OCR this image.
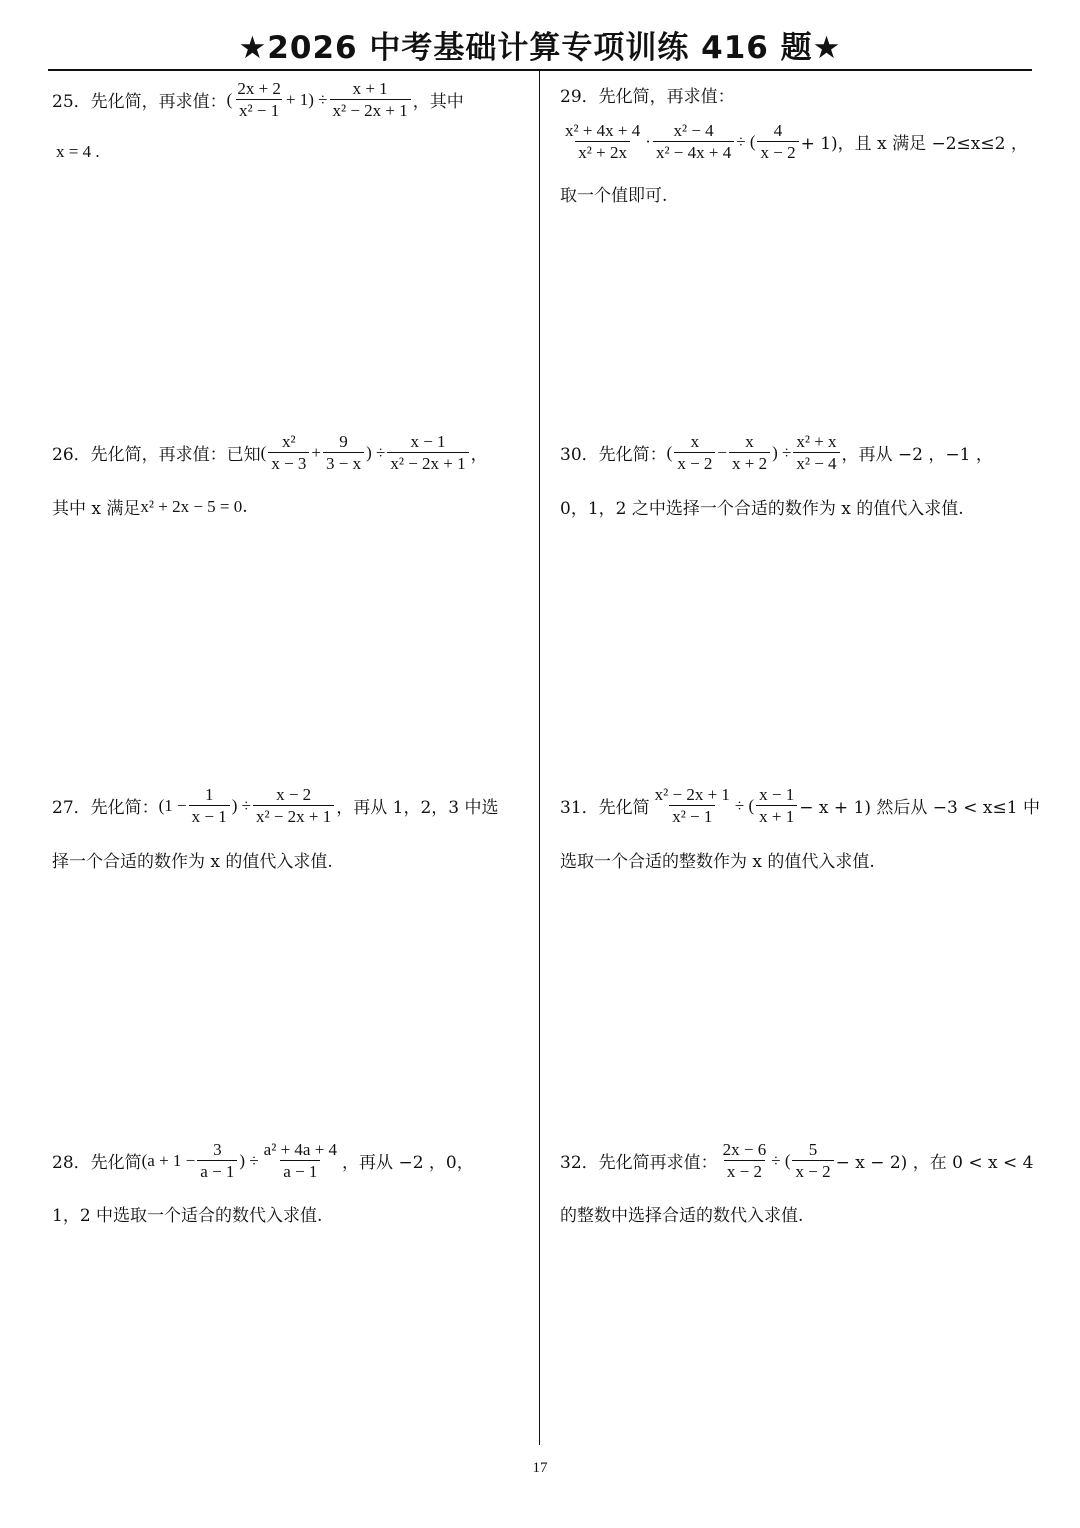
★2026 中考基础计算专项训练 416 题★
25．先化简，再求值： ( $\frac{2x + 2}{\text{x² − 1}} + 1) \div \frac{x + 1}{\text{x² − 2x + 1}}$ ，其中
x = 4 .
26．先化简，再求值：已知 ( $\frac{\text{x²}}{x - 3} + \frac{9}{3 - x}$ ) ÷ $\frac{x - 1}{\text{x² − 2x + 1}}$ ，
其中 x 满足 x² + 2x − 5 = 0 .
27．先化简： ($1 - \frac{1}{x - 1}$ ) ÷ $\frac{x - 2}{\text{x² − 2x + 1}}$ ，再从 1，2，3 中选
择一个合适的数作为 x 的值代入求值.
28．先化简 ($a + 1 - \frac{3}{a - 1}$ ) ÷ $\frac{\text{a² + 4a + 4}}{a - 1}$ ，再从 −2 ，0，
1，2 中选取一个适合的数代入求值.
29．先化简，再求值：
$\frac{\text{x² + 4x + 4}}{\text{x² + 2x}} \cdot \frac{\text{x² − 4}}{\text{x² − 4x + 4}}$ ÷ ( $\frac{4}{x - 2} + 1$)，且 x 满足 −2≤x≤2 ，
取一个值即可.
30．先化简： ( $\frac{x}{x - 2} - \frac{x}{x + 2}$ ) ÷ $\frac{\text{x² + x}}{\text{x² − 4}}$ ，再从 −2 ，−1 ，
0，1，2 之中选择一个合适的数作为 x 的值代入求值.
31．先化简 $\frac{\text{x² − 2x + 1}}{\text{x² − 1}}$ ÷ ( $\frac{x - 1}{x + 1} - x + 1$) 然后从 −3 < x≤1 中
选取一个合适的整数作为 x 的值代入求值.
32．先化简再求值： $\frac{2x - 6}{x - 2}$ ÷ ( $\frac{5}{x - 2} - x - 2$) ，在 0 < x < 4
的整数中选择合适的数代入求值.
17
